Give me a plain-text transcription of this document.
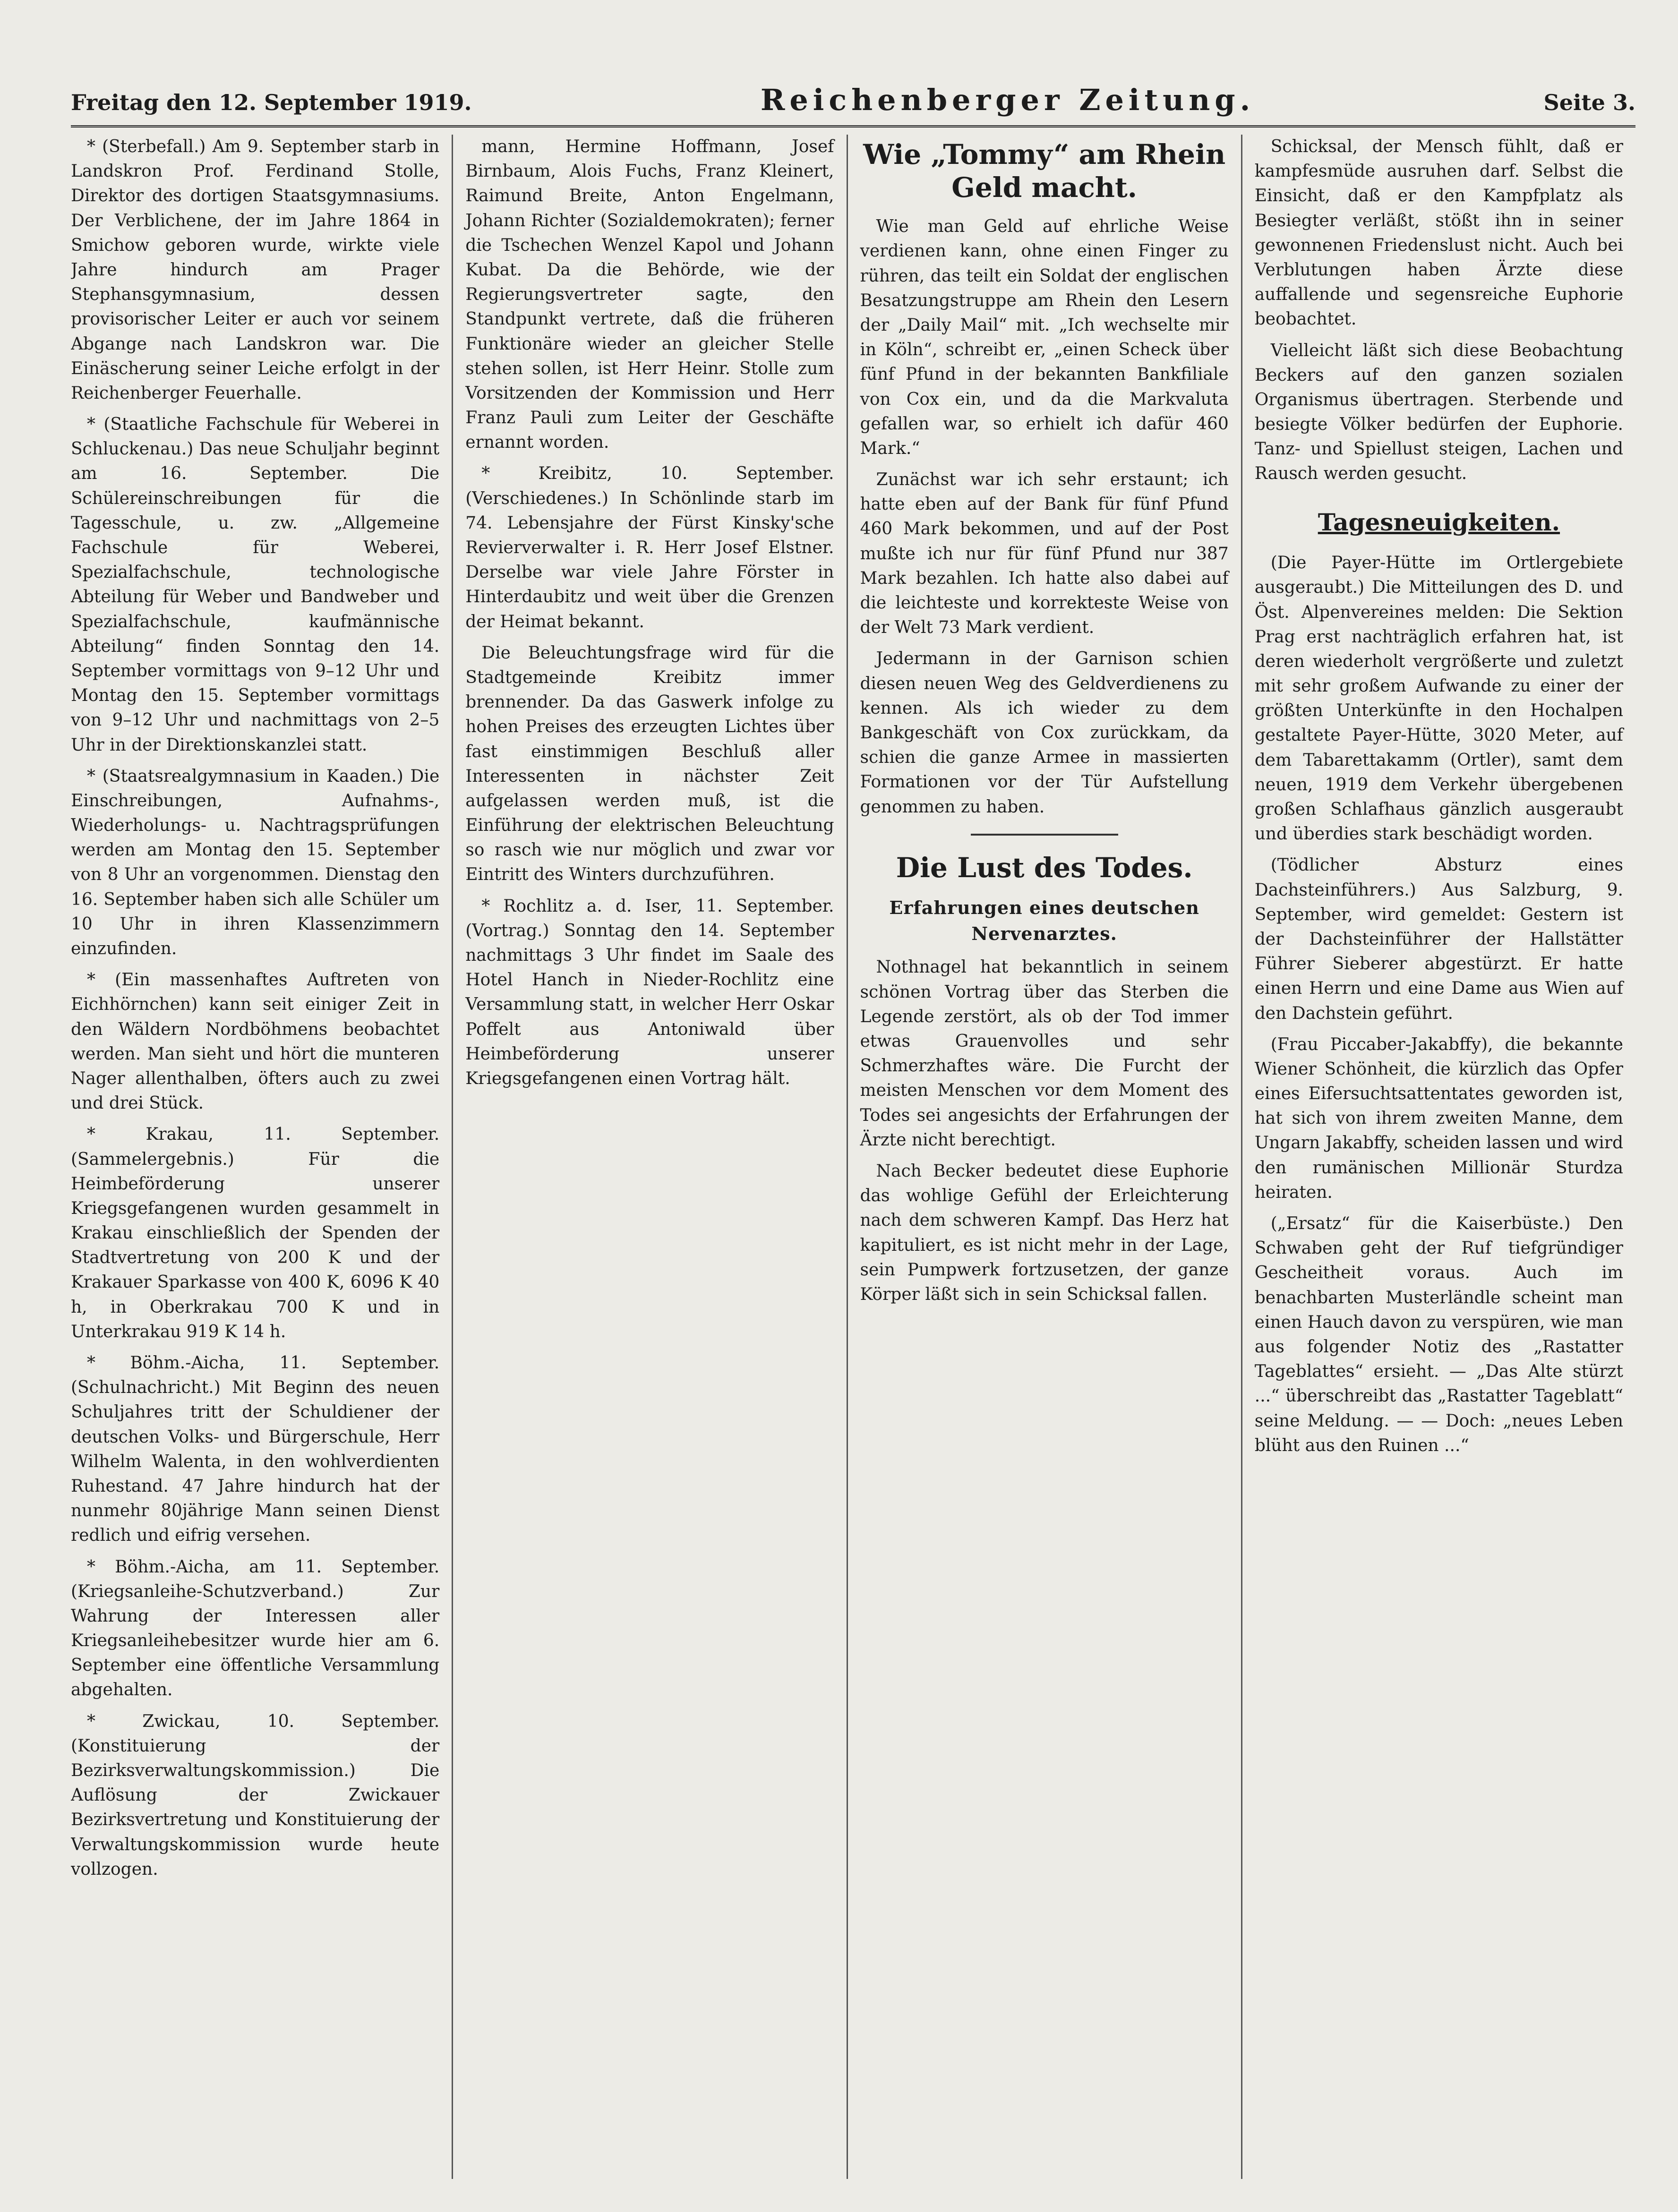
Freitag den 12. September 1919.	Reichenberger Zeitung.	Seite 3.

* (Sterbefall.) Am 9. September starb in Landskron Prof. Ferdinand Stolle, Direktor des dortigen Staatsgymnasiums. Der Verblichene, der im Jahre 1864 in Smichow geboren wurde, wirkte viele Jahre hindurch am Prager Stephansgymnasium, dessen provisorischer Leiter er auch vor seinem Abgange nach Landskron war. Die Einäscherung seiner Leiche erfolgt in der Reichenberger Feuerhalle.

* (Staatliche Fachschule für Weberei in Schluckenau.) Das neue Schuljahr beginnt am 16. September. Die Schülereinschreibungen für die Tagesschule, u. zw. „Allgemeine Fachschule für Weberei, Spezialfachschule, technologische Abteilung für Weber und Bandweber und Spezialfachschule, kaufmännische Abteilung“ finden Sonntag den 14. September vormittags von 9–12 Uhr und Montag den 15. September vormittags von 9–12 Uhr und nachmittags von 2–5 Uhr in der Direktionskanzlei statt.

* (Staatsrealgymnasium in Kaaden.) Die Einschreibungen, Aufnahms-, Wiederholungs- u. Nachtragsprüfungen werden am Montag den 15. September von 8 Uhr an vorgenommen. Dienstag den 16. September haben sich alle Schüler um 10 Uhr in ihren Klassenzimmern einzufinden.

* (Ein massenhaftes Auftreten von Eichhörnchen) kann seit einiger Zeit in den Wäldern Nordböhmens beobachtet werden. Man sieht und hört die munteren Nager allenthalben, öfters auch zu zwei und drei Stück.

* Krakau, 11. September. (Sammelergebnis.) Für die Heimbeförderung unserer Kriegsgefangenen wurden gesammelt in Krakau einschließlich der Spenden der Stadtvertretung von 200 K und der Krakauer Sparkasse von 400 K, 6096 K 40 h, in Oberkrakau 700 K und in Unterkrakau 919 K 14 h.

* Böhm.-Aicha, 11. September. (Schulnachricht.) Mit Beginn des neuen Schuljahres tritt der Schuldiener der deutschen Volks- und Bürgerschule, Herr Wilhelm Walenta, in den wohlverdienten Ruhestand. 47 Jahre hindurch hat der nunmehr 80jährige Mann seinen Dienst redlich und eifrig versehen.

* Böhm.-Aicha, am 11. September. (Kriegsanleihe-Schutzverband.) Zur Wahrung der Interessen aller Kriegsanleihebesitzer wurde hier am 6. September eine öffentliche Versammlung abgehalten.

* Zwickau, 10. September. (Konstituierung der Bezirksverwaltungskommission.) Die Auflösung der Zwickauer Bezirksvertretung und Konstituierung der Verwaltungskommission wurde heute vollzogen.

mann, Hermine Hoffmann, Josef Birnbaum, Alois Fuchs, Franz Kleinert, Raimund Breite, Anton Engelmann, Johann Richter (Sozialdemokraten); ferner die Tschechen Wenzel Kapol und Johann Kubat. Da die Behörde, wie der Regierungsvertreter sagte, den Standpunkt vertrete, daß die früheren Funktionäre wieder an gleicher Stelle stehen sollen, ist Herr Heinr. Stolle zum Vorsitzenden der Kommission und Herr Franz Pauli zum Leiter der Geschäfte ernannt worden.

* Kreibitz, 10. September. (Verschiedenes.) In Schönlinde starb im 74. Lebensjahre der Fürst Kinsky'sche Revierverwalter i. R. Herr Josef Elstner. Derselbe war viele Jahre Förster in Hinterdaubitz und weit über die Grenzen der Heimat bekannt.

Die Beleuchtungsfrage wird für die Stadtgemeinde Kreibitz immer brennender. Da das Gaswerk infolge zu hohen Preises des erzeugten Lichtes über fast einstimmigen Beschluß aller Interessenten in nächster Zeit aufgelassen werden muß, ist die Einführung der elektrischen Beleuchtung so rasch wie nur möglich und zwar vor Eintritt des Winters durchzuführen.

* Rochlitz a. d. Iser, 11. September. (Vortrag.) Sonntag den 14. September nachmittags 3 Uhr findet im Saale des Hotel Hanch in Nieder-Rochlitz eine Versammlung statt, in welcher Herr Oskar Poffelt aus Antoniwald über Heimbeförderung unserer Kriegsgefangenen einen Vortrag hält.

Wie „Tommy“ am Rhein Geld macht.

Wie man Geld auf ehrliche Weise verdienen kann, ohne einen Finger zu rühren, das teilt ein Soldat der englischen Besatzungstruppe am Rhein den Lesern der „Daily Mail“ mit. „Ich wechselte mir in Köln“, schreibt er, „einen Scheck über fünf Pfund in der bekannten Bankfiliale von Cox ein, und da die Markvaluta gefallen war, so erhielt ich dafür 460 Mark.“

Zunächst war ich sehr erstaunt; ich hatte eben auf der Bank für fünf Pfund 460 Mark bekommen, und auf der Post mußte ich nur für fünf Pfund nur 387 Mark bezahlen. Ich hatte also dabei auf die leichteste und korrekteste Weise von der Welt 73 Mark verdient.

Jedermann in der Garnison schien diesen neuen Weg des Geldverdienens zu kennen. Als ich wieder zu dem Bankgeschäft von Cox zurückkam, da schien die ganze Armee in massierten Formationen vor der Tür Aufstellung genommen zu haben.

Die Lust des Todes.
Erfahrungen eines deutschen Nervenarztes.

Nothnagel hat bekanntlich in seinem schönen Vortrag über das Sterben die Legende zerstört, als ob der Tod immer etwas Grauenvolles und sehr Schmerzhaftes wäre. Die Furcht der meisten Menschen vor dem Moment des Todes sei angesichts der Erfahrungen der Ärzte nicht berechtigt.

Nach Becker bedeutet diese Euphorie das wohlige Gefühl der Erleichterung nach dem schweren Kampf. Das Herz hat kapituliert, es ist nicht mehr in der Lage, sein Pumpwerk fortzusetzen, der ganze Körper läßt sich in sein Schicksal fallen.

Schicksal, der Mensch fühlt, daß er kampfesmüde ausruhen darf. Selbst die Einsicht, daß er den Kampfplatz als Besiegter verläßt, stößt ihn in seiner gewonnenen Friedenslust nicht. Auch bei Verblutungen haben Ärzte diese auffallende und segensreiche Euphorie beobachtet.

Vielleicht läßt sich diese Beobachtung Beckers auf den ganzen sozialen Organismus übertragen. Sterbende und besiegte Völker bedürfen der Euphorie. Tanz- und Spiellust steigen, Lachen und Rausch werden gesucht.

Tagesneuigkeiten.

(Die Payer-Hütte im Ortlergebiete ausgeraubt.) Die Mitteilungen des D. und Öst. Alpenvereines melden: Die Sektion Prag erst nachträglich erfahren hat, ist deren wiederholt vergrößerte und zuletzt mit sehr großem Aufwande zu einer der größten Unterkünfte in den Hochalpen gestaltete Payer-Hütte, 3020 Meter, auf dem Tabarettakamm (Ortler), samt dem neuen, 1919 dem Verkehr übergebenen großen Schlafhaus gänzlich ausgeraubt und überdies stark beschädigt worden.

(Tödlicher Absturz eines Dachsteinführers.) Aus Salzburg, 9. September, wird gemeldet: Gestern ist der Dachsteinführer der Hallstätter Führer Sieberer abgestürzt. Er hatte einen Herrn und eine Dame aus Wien auf den Dachstein geführt.

(Frau Piccaber-Jakabffy), die bekannte Wiener Schönheit, die kürzlich das Opfer eines Eifersuchtsattentates geworden ist, hat sich von ihrem zweiten Manne, dem Ungarn Jakabffy, scheiden lassen und wird den rumänischen Millionär Sturdza heiraten.

(„Ersatz“ für die Kaiserbüste.) Den Schwaben geht der Ruf tiefgründiger Gescheitheit voraus. Auch im benachbarten Musterländle scheint man einen Hauch davon zu verspüren, wie man aus folgender Notiz des „Rastatter Tageblattes“ ersieht. — „Das Alte stürzt ...“ überschreibt das „Rastatter Tageblatt“ seine Meldung. — — Doch: „neues Leben blüht aus den Ruinen ...“
